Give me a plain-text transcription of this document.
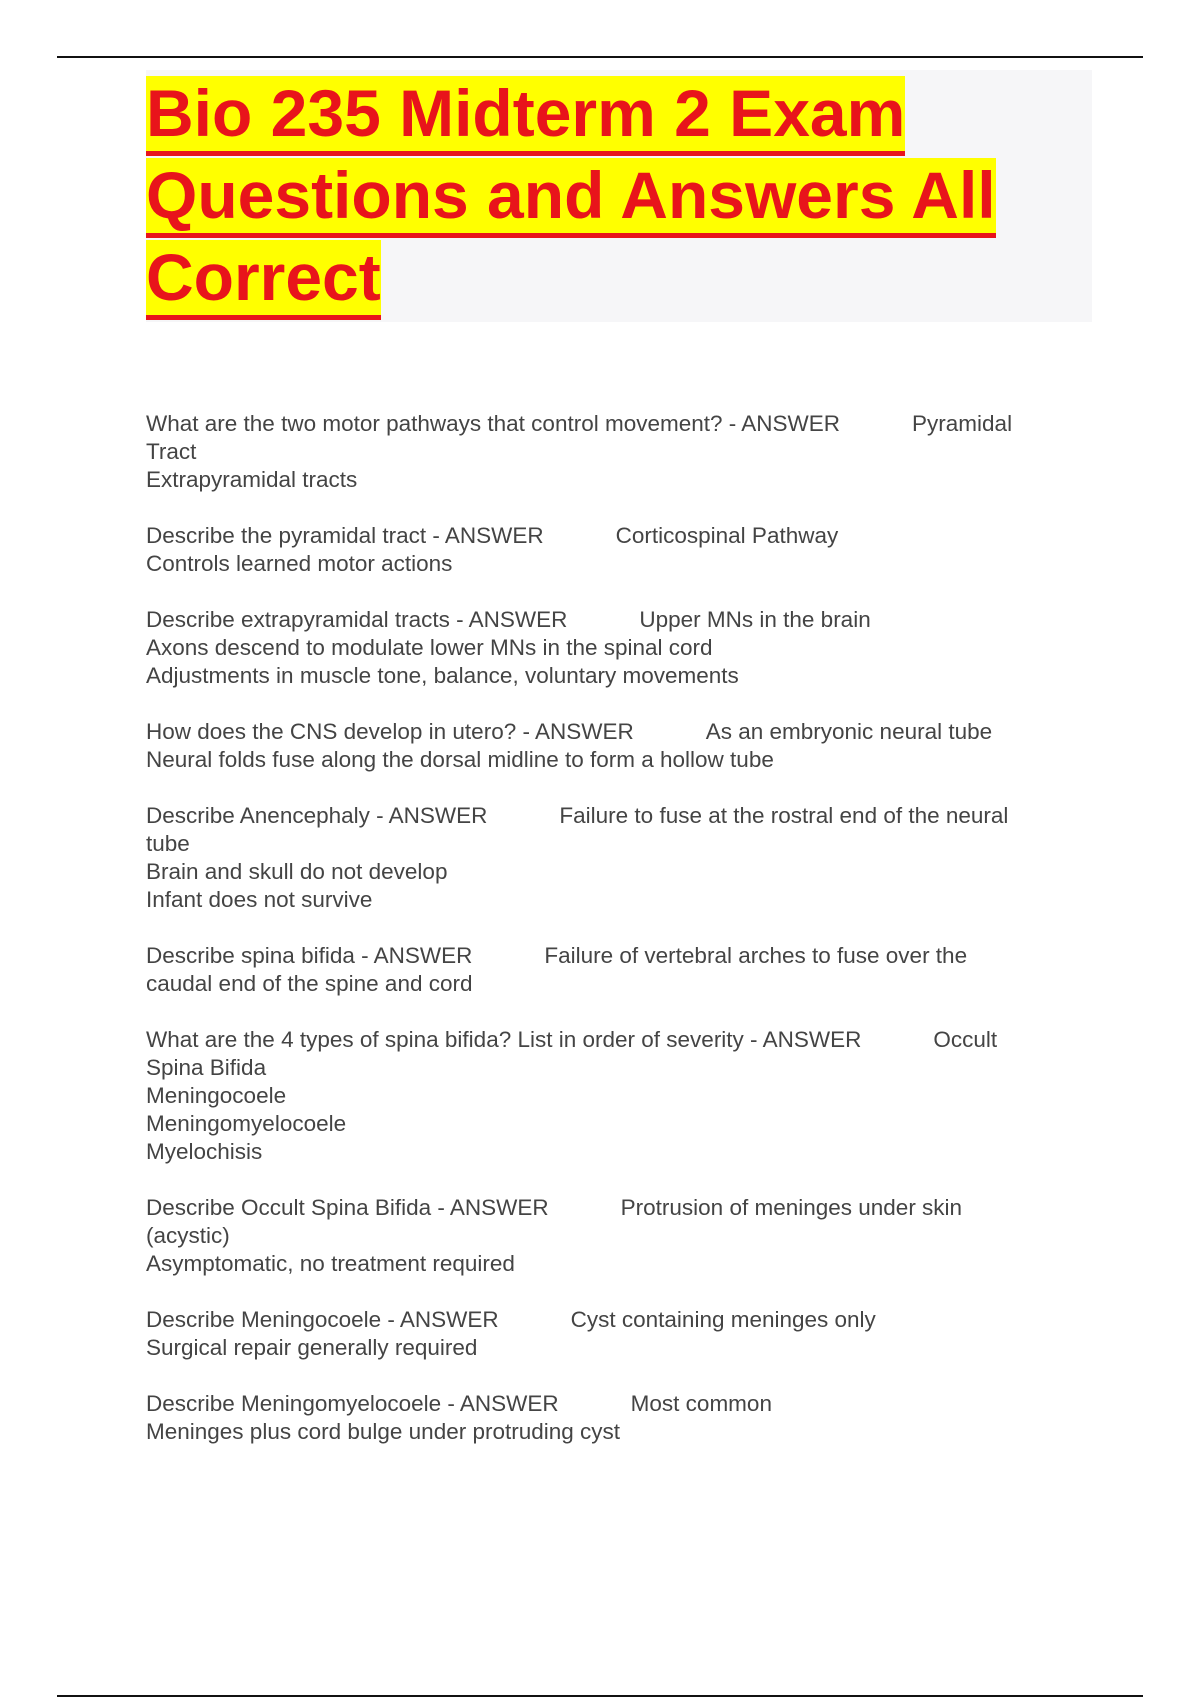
Bio 235 Midterm 2 Exam
Questions and Answers All
Correct
What are the two motor pathways that control movement? - ANSWER	Pyramidal
Tract
Extrapyramidal tracts
Describe the pyramidal tract - ANSWER	Corticospinal Pathway
Controls learned motor actions
Describe extrapyramidal tracts - ANSWER	Upper MNs in the brain
Axons descend to modulate lower MNs in the spinal cord
Adjustments in muscle tone, balance, voluntary movements
How does the CNS develop in utero? - ANSWER	As an embryonic neural tube
Neural folds fuse along the dorsal midline to form a hollow tube
Describe Anencephaly - ANSWER	Failure to fuse at the rostral end of the neural
tube
Brain and skull do not develop
Infant does not survive
Describe spina bifida - ANSWER	Failure of vertebral arches to fuse over the
caudal end of the spine and cord
What are the 4 types of spina bifida? List in order of severity - ANSWER	Occult
Spina Bifida
Meningocoele
Meningomyelocoele
Myelochisis
Describe Occult Spina Bifida - ANSWER	Protrusion of meninges under skin
(acystic)
Asymptomatic, no treatment required
Describe Meningocoele - ANSWER	Cyst containing meninges only
Surgical repair generally required
Describe Meningomyelocoele - ANSWER	Most common
Meninges plus cord bulge under protruding cyst
